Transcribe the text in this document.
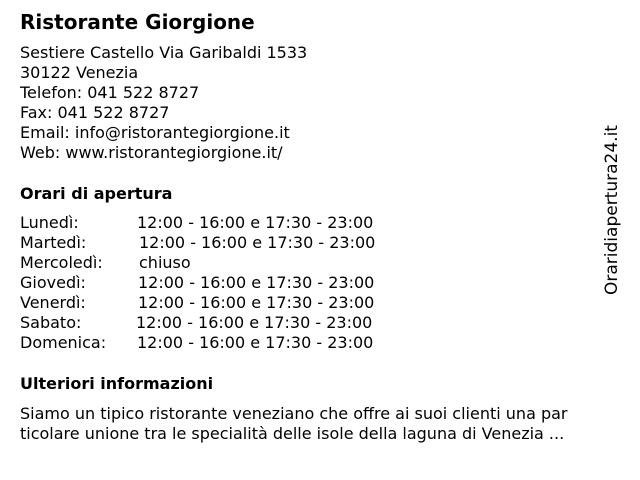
Ristorante Giorgione
Sestiere Castello Via Garibaldi 1533
30122 Venezia
Telefon: 041 522 8727
Fax: 041 522 8727
Email: info@ristorantegiorgione.it
Web: www.ristorantegiorgione.it/
Orari di apertura
Lunedì:	12:00 - 16:00 e 17:30 - 23:00
Martedì:	12:00 - 16:00 e 17:30 - 23:00
Mercoledì: chiuso
Giovedì:	12:00 - 16:00 e 17:30 - 23:00
Venerdì:	12:00 - 16:00 e 17:30 - 23:00
Sabato:	12:00 - 16:00 e 17:30 - 23:00
Domenica: 12:00 - 16:00 e 17:30 - 23:00
Ulteriori informazioni
Siamo un tipico ristorante veneziano che offre ai suoi clienti una par
ticolare unione tra le specialità delle isole della laguna di Venezia ...
Oraridiapertura24.it
